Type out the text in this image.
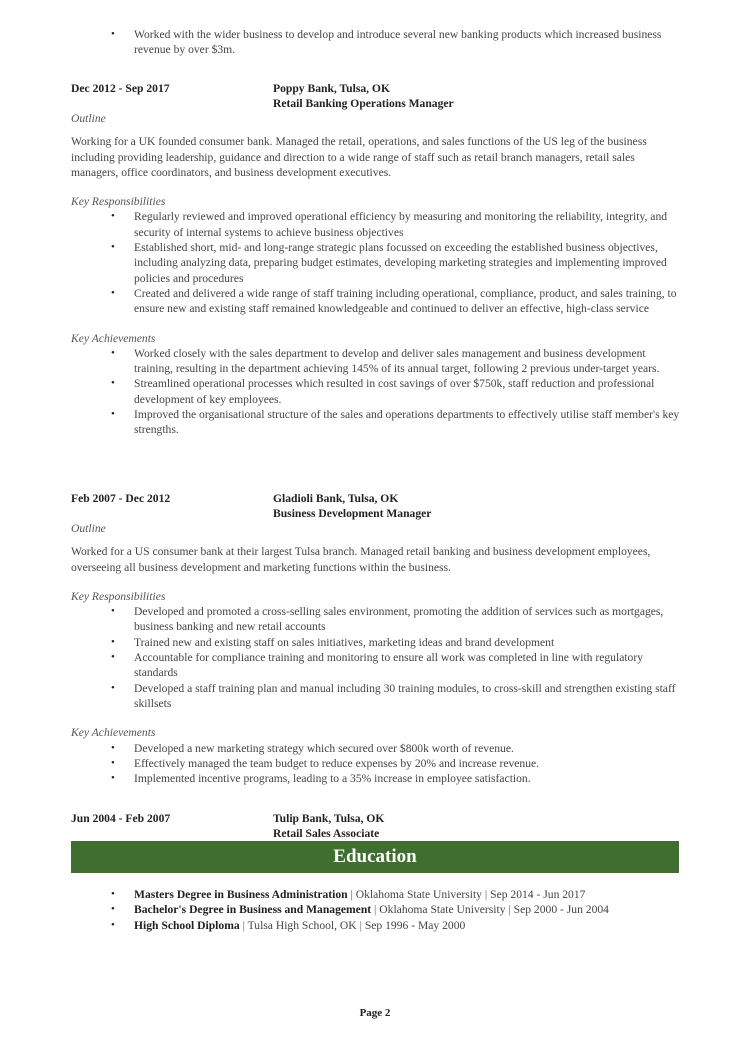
• Worked with the wider business to develop and introduce several new banking products which increased business revenue by over $3m.
Dec 2012 - Sep 2017	Poppy Bank, Tulsa, OK
Retail Banking Operations Manager

Outline

Working for a UK founded consumer bank. Managed the retail, operations, and sales functions of the US leg of the business including providing leadership, guidance and direction to a wide range of staff such as retail branch managers, retail sales managers, office coordinators, and business development executives.

Key Responsibilities

• Regularly reviewed and improved operational efficiency by measuring and monitoring the reliability, integrity, and security of internal systems to achieve business objectives
• Established short, mid- and long-range strategic plans focussed on exceeding the established business objectives, including analyzing data, preparing budget estimates, developing marketing strategies and implementing improved policies and procedures
• Created and delivered a wide range of staff training including operational, compliance, product, and sales training, to ensure new and existing staff remained knowledgeable and continued to deliver an effective, high-class service

Key Achievements

• Worked closely with the sales department to develop and deliver sales management and business development training, resulting in the department achieving 145% of its annual target, following 2 previous under-target years.
• Streamlined operational processes which resulted in cost savings of over $750k, staff reduction and professional development of key employees.
• Improved the organisational structure of the sales and operations departments to effectively utilise staff member's key strengths.
Feb 2007 - Dec 2012	Gladioli Bank, Tulsa, OK
Business Development Manager

Outline

Worked for a US consumer bank at their largest Tulsa branch. Managed retail banking and business development employees, overseeing all business development and marketing functions within the business.

Key Responsibilities

• Developed and promoted a cross-selling sales environment, promoting the addition of services such as mortgages, business banking and new retail accounts
• Trained new and existing staff on sales initiatives, marketing ideas and brand development
• Accountable for compliance training and monitoring to ensure all work was completed in line with regulatory standards
• Developed a staff training plan and manual including 30 training modules, to cross-skill and strengthen existing staff skillsets

Key Achievements

• Developed a new marketing strategy which secured over $800k worth of revenue.
• Effectively managed the team budget to reduce expenses by 20% and increase revenue.
• Implemented incentive programs, leading to a 35% increase in employee satisfaction.
Jun 2004 - Feb 2007	Tulip Bank, Tulsa, OK
Retail Sales Associate
Education
• Masters Degree in Business Administration | Oklahoma State University | Sep 2014 - Jun 2017
• Bachelor's Degree in Business and Management | Oklahoma State University | Sep 2000 - Jun 2004
• High School Diploma | Tulsa High School, OK | Sep 1996 - May 2000
Page 2
